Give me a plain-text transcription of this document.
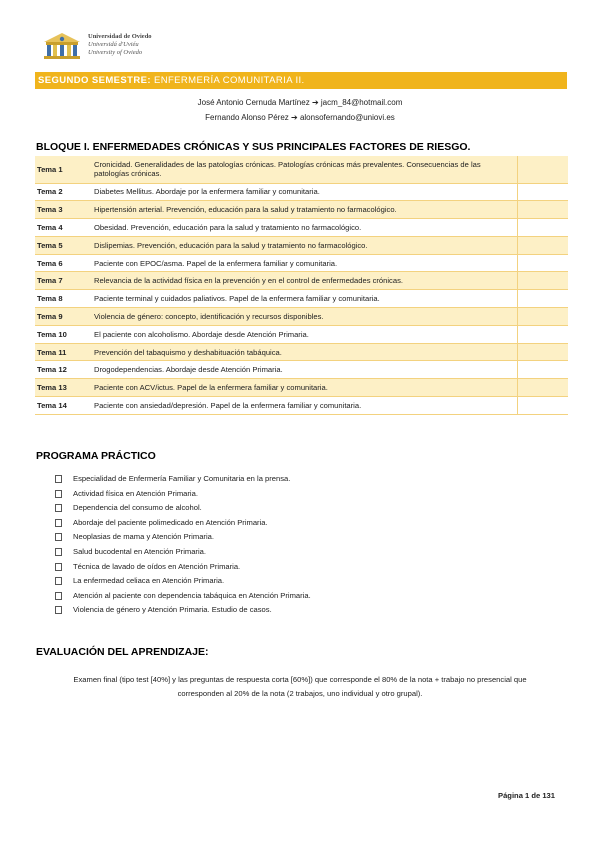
Universidad de Oviedo
Universidá d'Uviéu
University of Oviedo
SEGUNDO SEMESTRE: ENFERMERÍA COMUNITARIA II.
José Antonio Cernuda Martínez ➔ jacm_84@hotmail.com
Fernando Alonso Pérez ➔ alonsofernando@uniovi.es
BLOQUE I. ENFERMEDADES CRÓNICAS Y SUS PRINCIPALES FACTORES DE RIESGO.
Tema 1	Cronicidad. Generalidades de las patologías crónicas. Patologías crónicas más prevalentes. Consecuencias de las patologías crónicas.	
Tema 2	Diabetes Mellitus. Abordaje por la enfermera familiar y comunitaria.	
Tema 3	Hipertensión arterial. Prevención, educación para la salud y tratamiento no farmacológico.	
Tema 4	Obesidad. Prevención, educación para la salud y tratamiento no farmacológico.	
Tema 5	Dislipemias. Prevención, educación para la salud y tratamiento no farmacológico.	
Tema 6	Paciente con EPOC/asma. Papel de la enfermera familiar y comunitaria.	
Tema 7	Relevancia de la actividad física en la prevención y en el control de enfermedades crónicas.	
Tema 8	Paciente terminal y cuidados paliativos. Papel de la enfermera familiar y comunitaria.	
Tema 9	Violencia de género: concepto, identificación y recursos disponibles.	
Tema 10	El paciente con alcoholismo. Abordaje desde Atención Primaria.	
Tema 11	Prevención del tabaquismo y deshabituación tabáquica.	
Tema 12	Drogodependencias. Abordaje desde Atención Primaria.	
Tema 13	Paciente con ACV/ictus. Papel de la enfermera familiar y comunitaria.	
Tema 14	Paciente con ansiedad/depresión. Papel de la enfermera familiar y comunitaria.	
PROGRAMA PRÁCTICO
Especialidad de Enfermería Familiar y Comunitaria en la prensa.
Actividad física en Atención Primaria.
Dependencia del consumo de alcohol.
Abordaje del paciente polimedicado en Atención Primaria.
Neoplasias de mama y Atención Primaria.
Salud bucodental en Atención Primaria.
Técnica de lavado de oídos en Atención Primaria.
La enfermedad celiaca en Atención Primaria.
Atención al paciente con dependencia tabáquica en Atención Primaria.
Violencia de género y Atención Primaria. Estudio de casos.
EVALUACIÓN DEL APRENDIZAJE:
Examen final (tipo test [40%] y las preguntas de respuesta corta [60%]) que corresponde el 80% de la nota + trabajo no presencial que corresponden al 20% de la nota (2 trabajos, uno individual y otro grupal).
Página 1 de 131
